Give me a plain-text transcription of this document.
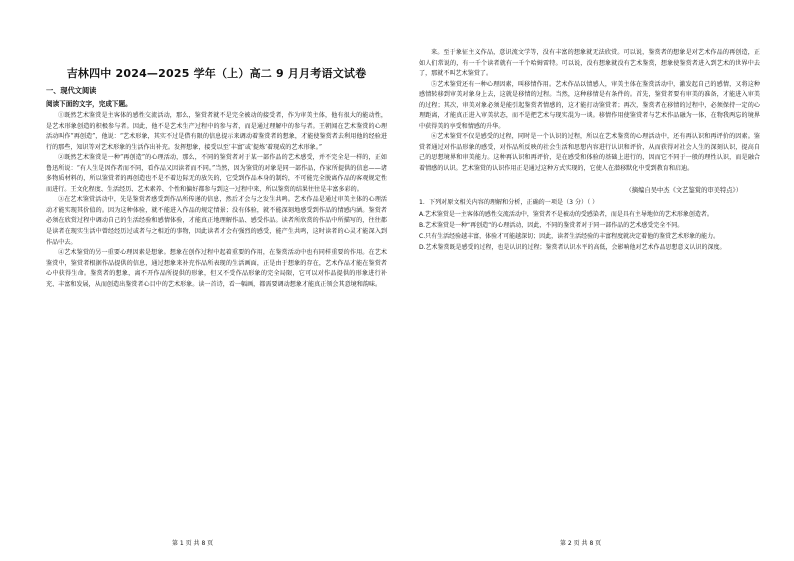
吉林四中 2024—2025 学年（上）高二 9 月月考语文试卷
一、现代文阅读
阅读下面的文字，完成下题。

①既然艺术鉴赏是主客体的感性交流活动，那么，鉴赏者就不是完全被动的接受者，作为审美主体，他有很大的能动性，是艺术形象创造的积极参与者。因此，他不是艺术生产过程中的参与者，而是通过理解中的参与者。王朝闻在艺术鉴赏的心理活动叫作“再创造”，他说：“艺术形象，其实不过是借有限的信息提示来调动着鉴赏者的想象，才能使鉴赏者去利用他的经验进行的那些，知识等对艺术形象的生活作出补充。发挥想象，接受以至‘丰富’或‘提炼’着现成的艺术形象。”

②既然艺术鉴赏是一种“再创造”的心理活动，那么，不同的鉴赏者对于某一部作品的艺术感受，并不完全是一样的，正如鲁迅所说：“有人生是因作者而不同，看作品又因读者而不同。”当然，因为鉴赏的对象是同一部作品，作家所提供的信息——诸多物质材料的，所以鉴赏者的再创造也不是不着边际无的放矢的，它受到作品本身的制约，不可能完全脱离作品的客观规定性而进行。王文化程度、生活经历、艺术素养、个性和偏好都参与到这一过程中来，所以鉴赏的结果往往是丰富多彩的。

③在艺术鉴赏活动中，先是鉴赏者感受到作品所传递的信息，然后才会与之发生共鸣。艺术作品是通过审美主体的心理活动才能实现其价值的。因为这种体验，就不能进入作品的规定情景；没有体验，就不能深刻地感受到作品的情感内涵。鉴赏者必须在欣赏过程中调动自己的生活经验和感情体验，才能真正地理解作品、感受作品。读者所欣赏的作品中所描写的，往往都是读者在现实生活中曾经经历过或者与之相近的事物，因此读者才会有强烈的感受，能产生共鸣，这时读者的心灵才能深入到作品中去。

④艺术鉴赏的另一重要心理因素是想象。想象在创作过程中起着重要的作用，在鉴赏活动中也有同样重要的作用。在艺术鉴赏中，鉴赏者根据作品提供的信息，通过想象来补充作品所表现的生活画面，正是由于想象的存在，艺术作品才能在鉴赏者心中获得生命。鉴赏者的想象，离不开作品所提供的形象，但又不受作品形象的完全局限，它可以对作品提供的形象进行补充、丰富和发展，从而创造出鉴赏者心目中的艺术形象。读一首诗，看一幅画，都需要调动想象才能真正领会其意境和韵味。

来。至于象征主义作品，意识流文学等，没有丰富的想象就无法欣赏。可以说，鉴赏者的想象是对艺术作品的再创造，正如人们常说的，有一千个读者就有一千个哈姆雷特。可以说，没有想象就没有艺术鉴赏，想象使鉴赏者进入到艺术的世界中去了，那就不叫艺术鉴赏了。

⑤艺术鉴赏还有一种心理因素，叫移情作用。艺术作品以情感人，审美主体在鉴赏活动中，激发起自己的感情，又将这种感情转移到审美对象身上去，这就是移情的过程。当然，这种移情是有条件的。首先，鉴赏者要有审美的准备，才能进入审美的过程；其次，审美对象必须是能引起鉴赏者情感的，这才能打动鉴赏者；再次，鉴赏者在移情的过程中，必须保持一定的心理距离，才能真正进入审美状态，而不是把艺术与现实混为一谈。移情作用使鉴赏者与艺术作品融为一体，在物我两忘的境界中获得美的享受和情感的升华。

⑥艺术鉴赏不仅是感受的过程，同时是一个认识的过程，所以在艺术鉴赏的心理活动中，还有再认识和再评价的因素。鉴赏者通过对作品形象的感受，对作品所反映的社会生活和思想内容进行认识和评价，从而获得对社会人生的深刻认识，提高自己的思想境界和审美能力。这种再认识和再评价，是在感受和体验的基础上进行的，因而它不同于一般的理性认识，而是融合着情感的认识。艺术鉴赏的认识作用正是通过这种方式实现的，它使人在潜移默化中受到教育和启迪。

（摘编自吴中杰《文艺鉴赏的审美特点》）
1．下列对原文相关内容的理解和分析，正确的一项是（3 分）（ ）
A.艺术鉴赏是一主客体的感性交流活动中，鉴赏者不是被动的受感染者，而是具有主导地位的艺术形象创造者。
B.艺术鉴赏是一种“再创造”的心理活动，因此，不同的鉴赏者对于同一部作品的艺术感受完全不同。
C.只有生活经验越丰富，体验才可能越深切；因此，读者生活经验的丰富程度就决定着他的鉴赏艺术形象的能力。
D.艺术鉴赏既是感受的过程，也是认识的过程；鉴赏者认识水平的高低，会影响他对艺术作品思想意义认识的深度。
第 1 页 共 8 页	第 2 页 共 8 页
